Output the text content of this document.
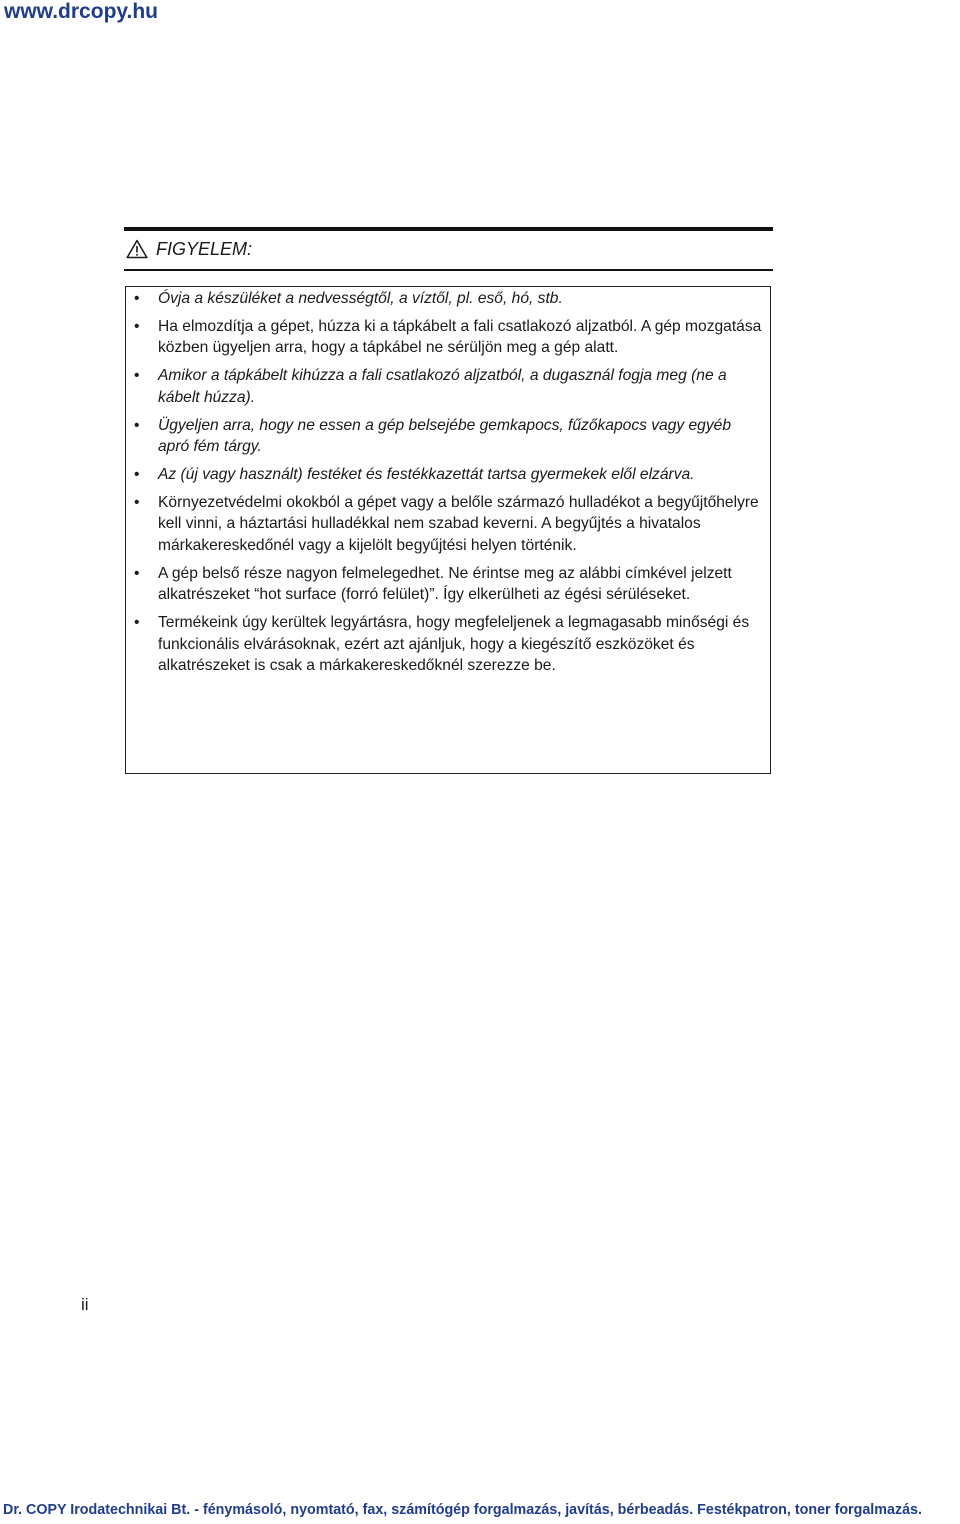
www.drcopy.hu
FIGYELEM:
• Óvja a készüléket a nedvességtől, a víztől, pl. eső, hó, stb.
• Ha elmozdítja a gépet, húzza ki a tápkábelt a fali csatlakozó aljzatból. A gép mozgatása közben ügyeljen arra, hogy a tápkábel ne sérüljön meg a gép alatt.
• Amikor a tápkábelt kihúzza a fali csatlakozó aljzatból, a dugasznál fogja meg (ne a kábelt húzza).
• Ügyeljen arra, hogy ne essen a gép belsejébe gemkapocs, fűzőkapocs vagy egyéb apró fém tárgy.
• Az (új vagy használt) festéket és festékkazettát tartsa gyermekek elől elzárva.
• Környezetvédelmi okokból a gépet vagy a belőle származó hulladékot a begyűjtőhelyre kell vinni, a háztartási hulladékkal nem szabad keverni. A begyűjtés a hivatalos márkakereskedőnél vagy a kijelölt begyűjtési helyen történik.
• A gép belső része nagyon felmelegedhet. Ne érintse meg az alábbi címkével jelzett alkatrészeket “hot surface (forró felület)”. Így elkerülheti az égési sérüléseket.
• Termékeink úgy kerültek legyártásra, hogy megfeleljenek a legmagasabb minőségi és funkcionális elvárásoknak, ezért azt ajánljuk, hogy a kiegészítő eszközöket és alkatrészeket is csak a márkakereskedőknél szerezze be.
ii
Dr. COPY Irodatechnikai Bt. - fénymásoló, nyomtató, fax, számítógép forgalmazás, javítás, bérbeadás. Festékpatron, toner forgalmazás.
